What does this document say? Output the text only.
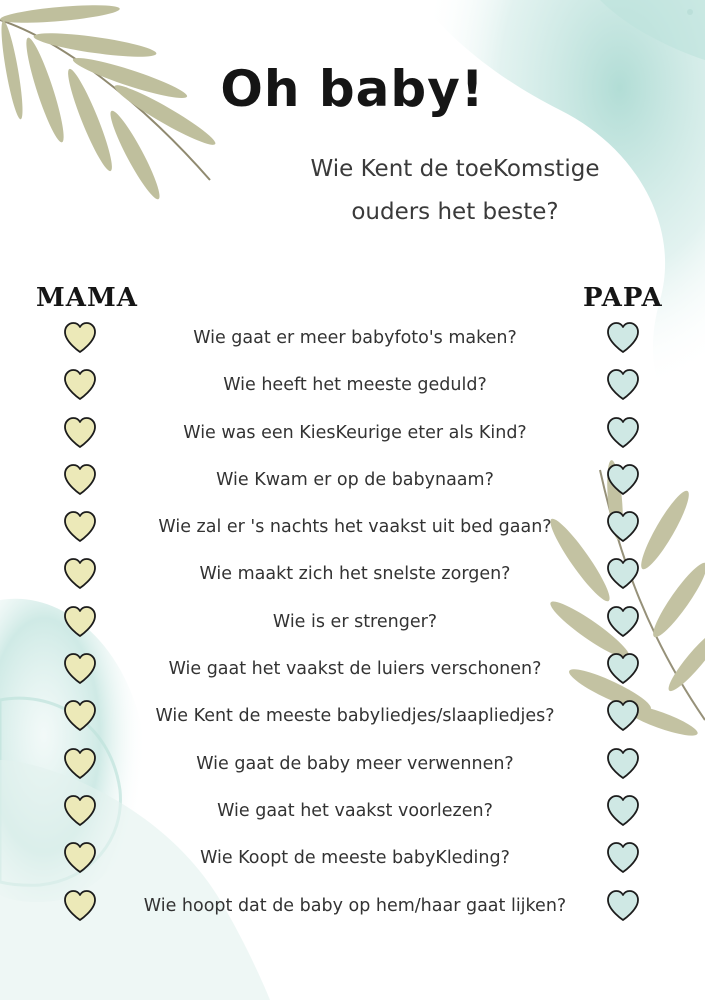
Oh baby!

Wie Kent de toeKomstige
ouders het beste?

MAMA	PAPA
Wie gaat er meer babyfoto's maken?
Wie heeft het meeste geduld?
Wie was een KiesKeurige eter als Kind?
Wie Kwam er op de babynaam?
Wie zal er 's nachts het vaakst uit bed gaan?
Wie maakt zich het snelste zorgen?
Wie is er strenger?
Wie gaat het vaakst de luiers verschonen?
Wie Kent de meeste babyliedjes/slaapliedjes?
Wie gaat de baby meer verwennen?
Wie gaat het vaakst voorlezen?
Wie Koopt de meeste babyKleding?
Wie hoopt dat de baby op hem/haar gaat lijken?
